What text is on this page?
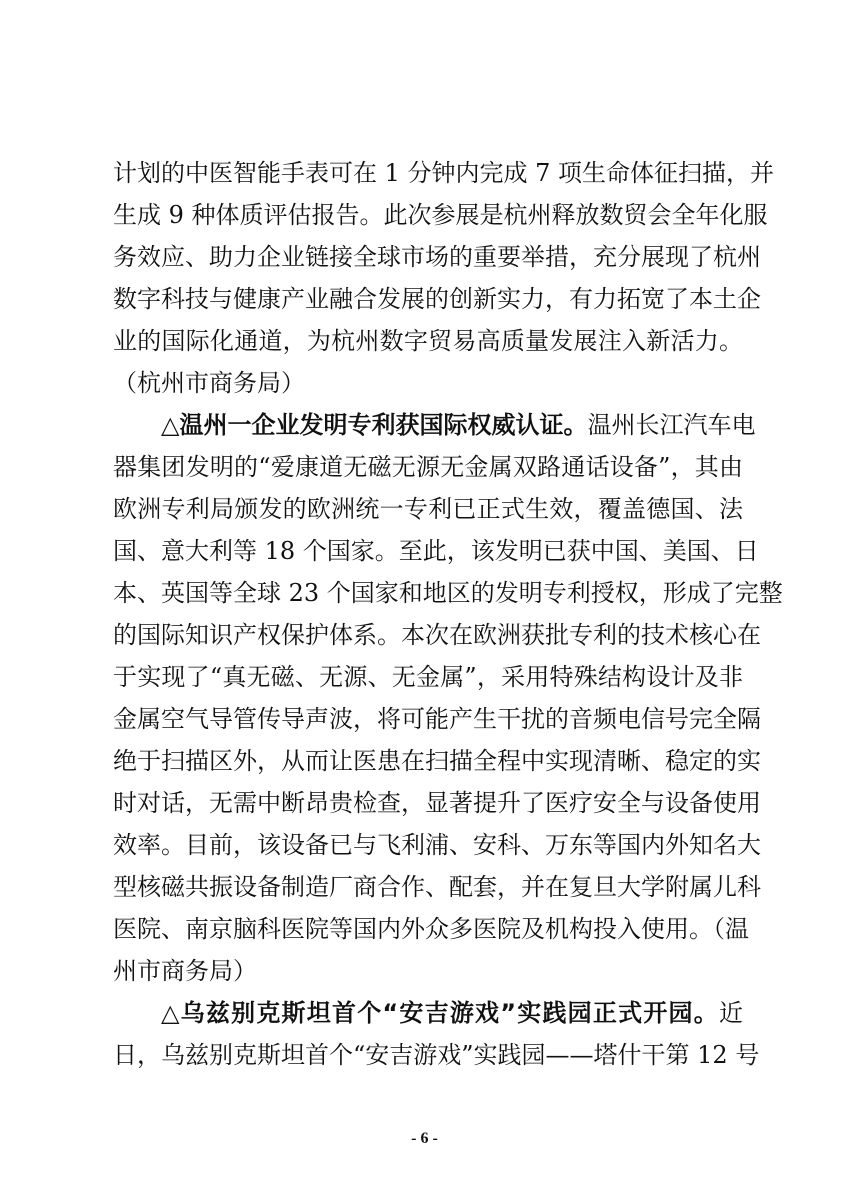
计划的中医智能手表可在 1 分钟内完成 7 项生命体征扫描，并
生成 9 种体质评估报告。此次参展是杭州释放数贸会全年化服
务效应、助力企业链接全球市场的重要举措，充分展现了杭州
数字科技与健康产业融合发展的创新实力，有力拓宽了本土企
业的国际化通道，为杭州数字贸易高质量发展注入新活力。
（杭州市商务局）
△温州一企业发明专利获国际权威认证。温州长江汽车电
器集团发明的“爱康道无磁无源无金属双路通话设备”，其由
欧洲专利局颁发的欧洲统一专利已正式生效，覆盖德国、法
国、意大利等 18 个国家。至此，该发明已获中国、美国、日
本、英国等全球 23 个国家和地区的发明专利授权，形成了完整
的国际知识产权保护体系。本次在欧洲获批专利的技术核心在
于实现了“真无磁、无源、无金属”，采用特殊结构设计及非
金属空气导管传导声波，将可能产生干扰的音频电信号完全隔
绝于扫描区外，从而让医患在扫描全程中实现清晰、稳定的实
时对话，无需中断昂贵检查，显著提升了医疗安全与设备使用
效率。目前，该设备已与飞利浦、安科、万东等国内外知名大
型核磁共振设备制造厂商合作、配套，并在复旦大学附属儿科
医院、南京脑科医院等国内外众多医院及机构投入使用。（温
州市商务局）
△乌兹别克斯坦首个“安吉游戏”实践园正式开园。近
日，乌兹别克斯坦首个“安吉游戏”实践园——塔什干第 12 号
- 6 -
